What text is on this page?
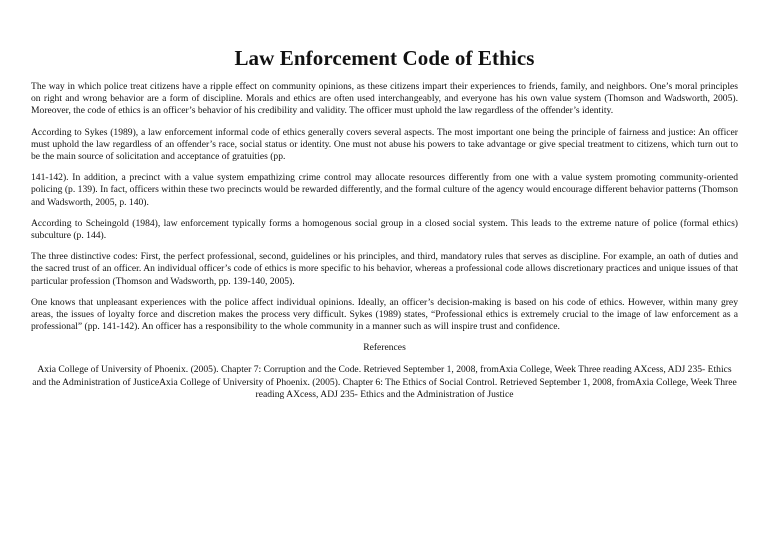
Law Enforcement Code of Ethics

The way in which police treat citizens have a ripple effect on community opinions, as these citizens impart their experiences to friends, family, and neighbors. One’s moral principles on right and wrong behavior are a form of discipline. Morals and ethics are often used interchangeably, and everyone has his own value system (Thomson and Wadsworth, 2005). Moreover, the code of ethics is an officer’s behavior of his credibility and validity. The officer must uphold the law regardless of the offender’s identity.

According to Sykes (1989), a law enforcement informal code of ethics generally covers several aspects. The most important one being the principle of fairness and justice: An officer must uphold the law regardless of an offender’s race, social status or identity. One must not abuse his powers to take advantage or give special treatment to citizens, which turn out to be the main source of solicitation and acceptance of gratuities (pp.

141-142). In addition, a precinct with a value system empathizing crime control may allocate resources differently from one with a value system promoting community-oriented policing (p. 139). In fact, officers within these two precincts would be rewarded differently, and the formal culture of the agency would encourage different behavior patterns (Thomson and Wadsworth, 2005, p. 140).

According to Scheingold (1984), law enforcement typically forms a homogenous social group in a closed social system. This leads to the extreme nature of police (formal ethics) subculture (p. 144).

The three distinctive codes: First, the perfect professional, second, guidelines or his principles, and third, mandatory rules that serves as discipline. For example, an oath of duties and the sacred trust of an officer. An individual officer’s code of ethics is more specific to his behavior, whereas a professional code allows discretionary practices and unique issues of that particular profession (Thomson and Wadsworth, pp. 139-140, 2005).

One knows that unpleasant experiences with the police affect individual opinions. Ideally, an officer’s decision-making is based on his code of ethics. However, within many grey areas, the issues of loyalty force and discretion makes the process very difficult. Sykes (1989) states, “Professional ethics is extremely crucial to the image of law enforcement as a professional” (pp. 141-142). An officer has a responsibility to the whole community in a manner such as will inspire trust and confidence.

References

Axia College of University of Phoenix. (2005). Chapter 7: Corruption and the Code. Retrieved September 1, 2008, fromAxia College, Week Three reading AXcess, ADJ 235- Ethics and the Administration of JusticeAxia College of University of Phoenix. (2005). Chapter 6: The Ethics of Social Control. Retrieved September 1, 2008, fromAxia College, Week Three reading AXcess, ADJ 235- Ethics and the Administration of Justice
